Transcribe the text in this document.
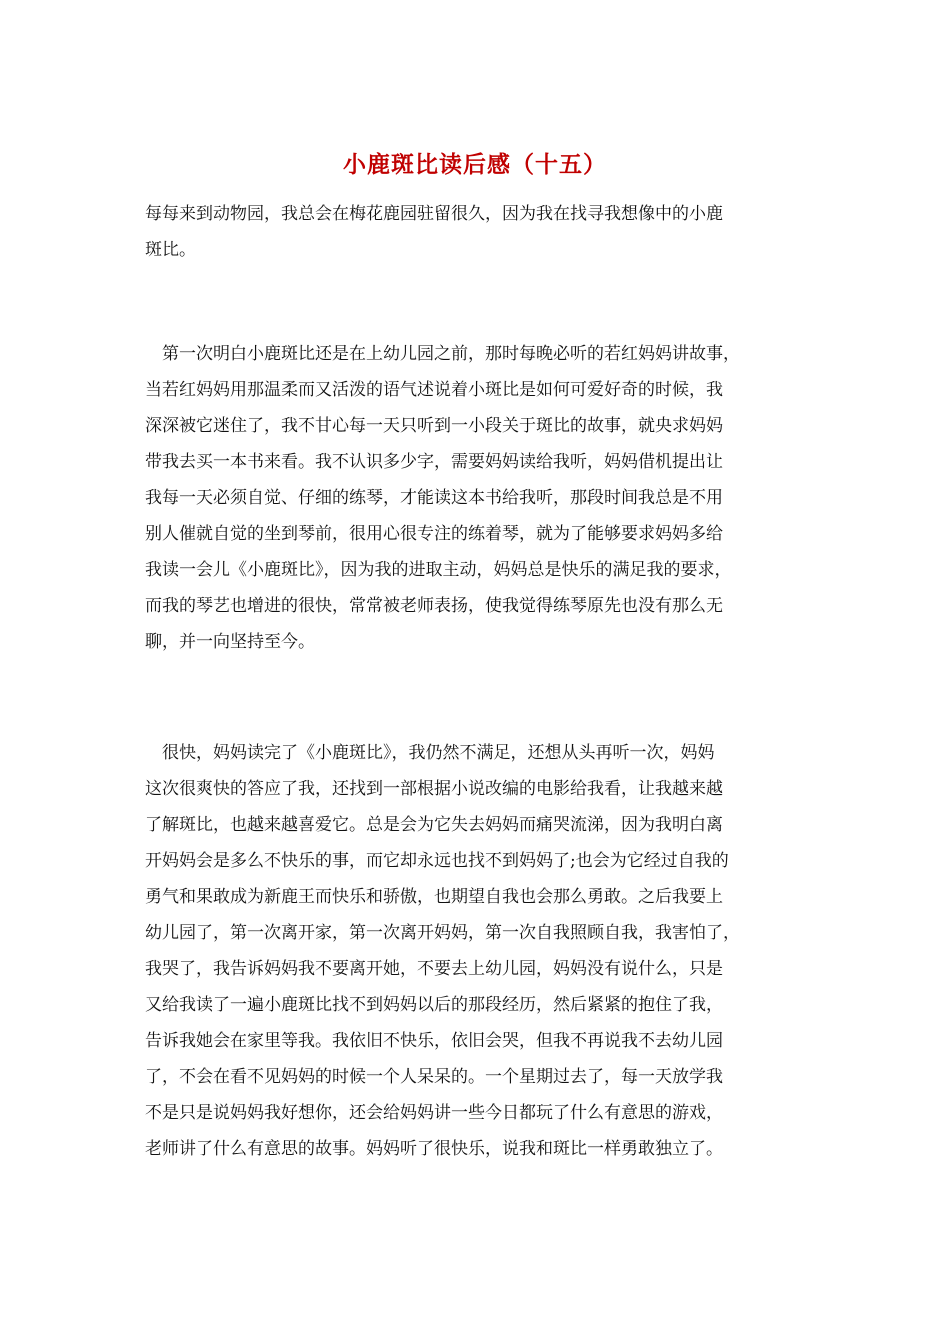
小鹿斑比读后感（十五）
每每来到动物园，我总会在梅花鹿园驻留很久，因为我在找寻我想像中的小鹿
斑比。
　第一次明白小鹿斑比还是在上幼儿园之前，那时每晚必听的若红妈妈讲故事，
当若红妈妈用那温柔而又活泼的语气述说着小斑比是如何可爱好奇的时候，我
深深被它迷住了，我不甘心每一天只听到一小段关于斑比的故事，就央求妈妈
带我去买一本书来看。我不认识多少字，需要妈妈读给我听，妈妈借机提出让
我每一天必须自觉、仔细的练琴，才能读这本书给我听，那段时间我总是不用
别人催就自觉的坐到琴前，很用心很专注的练着琴，就为了能够要求妈妈多给
我读一会儿《小鹿斑比》，因为我的进取主动，妈妈总是快乐的满足我的要求，
而我的琴艺也增进的很快，常常被老师表扬，使我觉得练琴原先也没有那么无
聊，并一向坚持至今。
　很快，妈妈读完了《小鹿斑比》，我仍然不满足，还想从头再听一次，妈妈
这次很爽快的答应了我，还找到一部根据小说改编的电影给我看，让我越来越
了解斑比，也越来越喜爱它。总是会为它失去妈妈而痛哭流涕，因为我明白离
开妈妈会是多么不快乐的事，而它却永远也找不到妈妈了;也会为它经过自我的
勇气和果敢成为新鹿王而快乐和骄傲，也期望自我也会那么勇敢。之后我要上
幼儿园了，第一次离开家，第一次离开妈妈，第一次自我照顾自我，我害怕了，
我哭了，我告诉妈妈我不要离开她，不要去上幼儿园，妈妈没有说什么，只是
又给我读了一遍小鹿斑比找不到妈妈以后的那段经历，然后紧紧的抱住了我，
告诉我她会在家里等我。我依旧不快乐，依旧会哭，但我不再说我不去幼儿园
了，不会在看不见妈妈的时候一个人呆呆的。一个星期过去了，每一天放学我
不是只是说妈妈我好想你，还会给妈妈讲一些今日都玩了什么有意思的游戏，
老师讲了什么有意思的故事。妈妈听了很快乐，说我和斑比一样勇敢独立了。
